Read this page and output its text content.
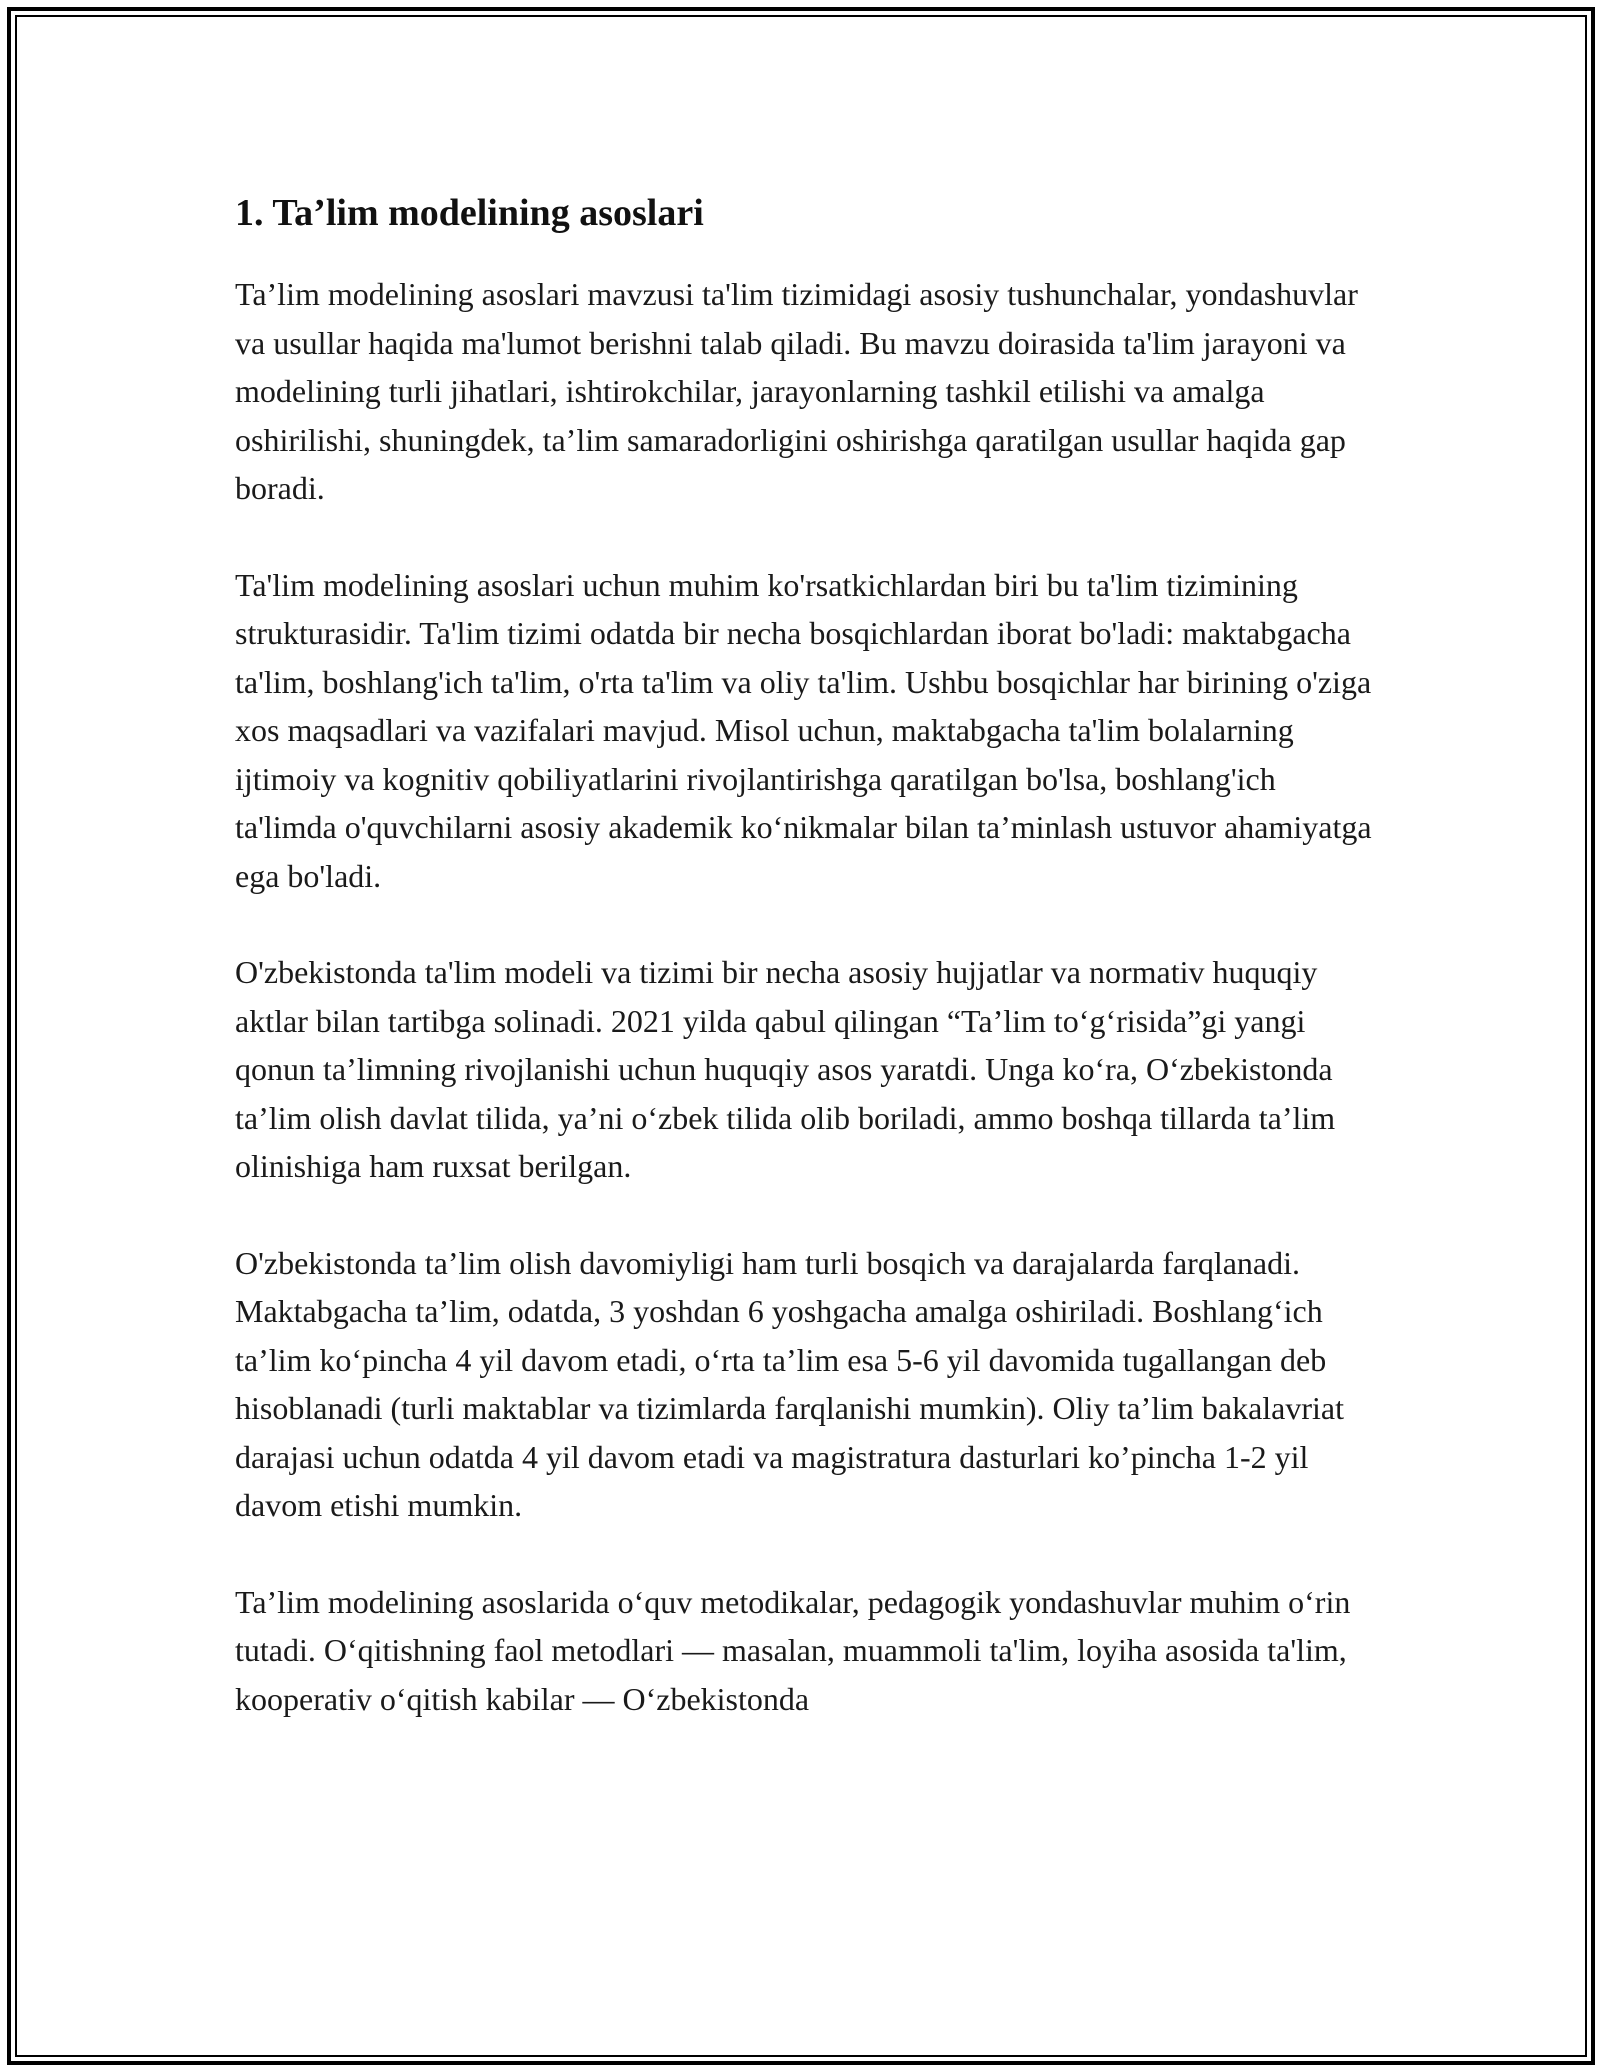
1. Ta’lim modelining asoslari

Ta’lim modelining asoslari mavzusi ta'lim tizimidagi asosiy tushunchalar, yondashuvlar va usullar haqida ma'lumot berishni talab qiladi. Bu mavzu doirasida ta'lim jarayoni va modelining turli jihatlari, ishtirokchilar, jarayonlarning tashkil etilishi va amalga oshirilishi, shuningdek, ta’lim samaradorligini oshirishga qaratilgan usullar haqida gap boradi.

Ta'lim modelining asoslari uchun muhim ko'rsatkichlardan biri bu ta'lim tizimining strukturasidir. Ta'lim tizimi odatda bir necha bosqichlardan iborat bo'ladi: maktabgacha ta'lim, boshlang'ich ta'lim, o'rta ta'lim va oliy ta'lim. Ushbu bosqichlar har birining o'ziga xos maqsadlari va vazifalari mavjud. Misol uchun, maktabgacha ta'lim bolalarning ijtimoiy va kognitiv qobiliyatlarini rivojlantirishga qaratilgan bo'lsa, boshlang'ich ta'limda o'quvchilarni asosiy akademik ko‘nikmalar bilan ta’minlash ustuvor ahamiyatga ega bo'ladi.

O'zbekistonda ta'lim modeli va tizimi bir necha asosiy hujjatlar va normativ huquqiy aktlar bilan tartibga solinadi. 2021 yilda qabul qilingan “Ta’lim to‘g‘risida”gi yangi qonun ta’limning rivojlanishi uchun huquqiy asos yaratdi. Unga ko‘ra, O‘zbekistonda ta’lim olish davlat tilida, ya’ni o‘zbek tilida olib boriladi, ammo boshqa tillarda ta’lim olinishiga ham ruxsat berilgan.

O'zbekistonda ta’lim olish davomiyligi ham turli bosqich va darajalarda farqlanadi. Maktabgacha ta’lim, odatda, 3 yoshdan 6 yoshgacha amalga oshiriladi. Boshlang‘ich ta’lim ko‘pincha 4 yil davom etadi, o‘rta ta’lim esa 5-6 yil davomida tugallangan deb hisoblanadi (turli maktablar va tizimlarda farqlanishi mumkin). Oliy ta’lim bakalavriat darajasi uchun odatda 4 yil davom etadi va magistratura dasturlari ko’pincha 1-2 yil davom etishi mumkin.

Ta’lim modelining asoslarida o‘quv metodikalar, pedagogik yondashuvlar muhim o‘rin tutadi. O‘qitishning faol metodlari — masalan, muammoli ta'lim, loyiha asosida ta'lim, kooperativ o‘qitish kabilar — O‘zbekistonda
